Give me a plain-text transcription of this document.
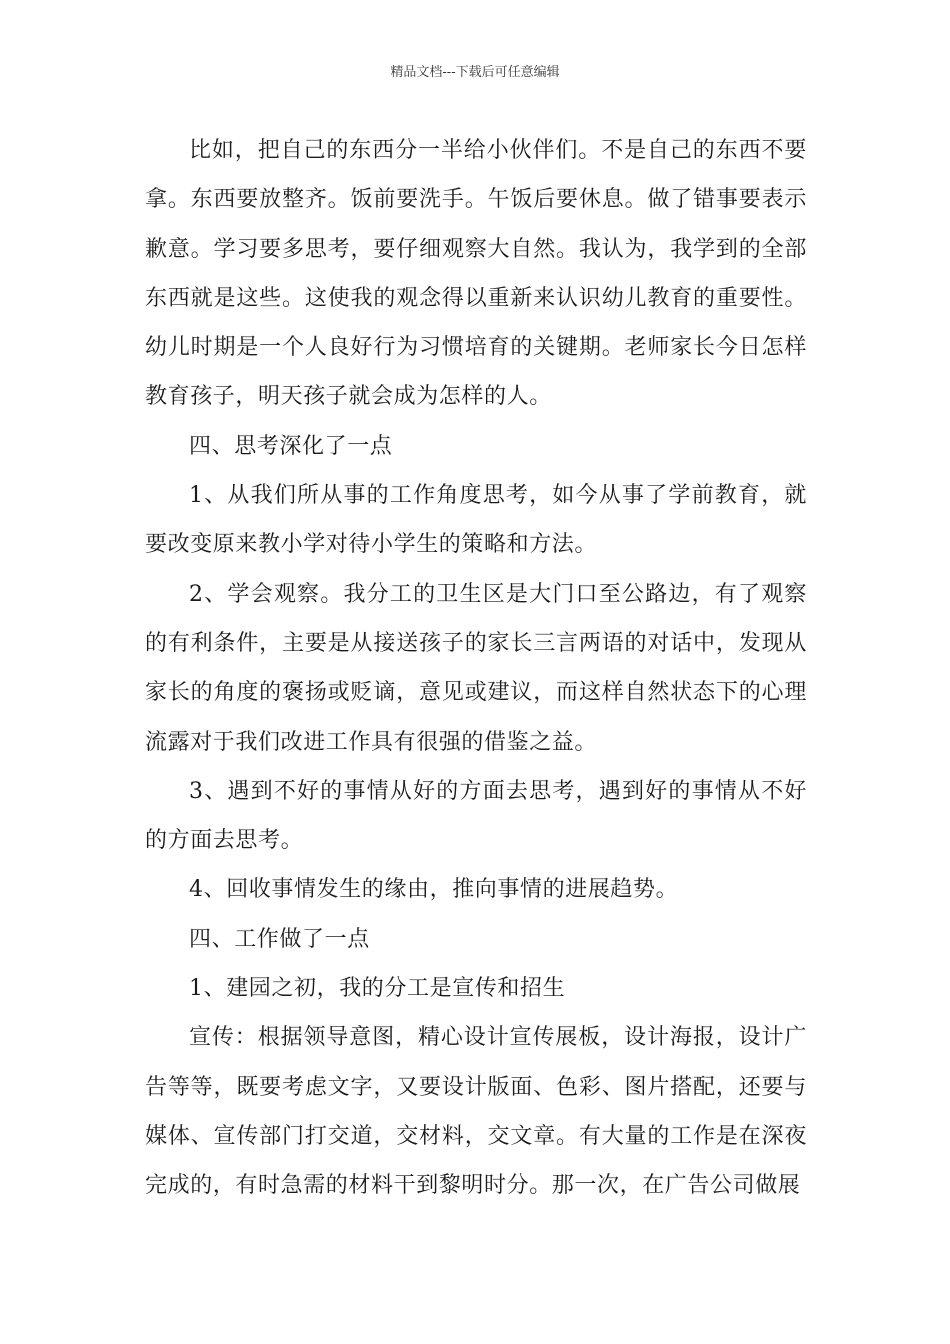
精品文档---下载后可任意编辑

比如，把自己的东西分一半给小伙伴们。不是自己的东西不要拿。东西要放整齐。饭前要洗手。午饭后要休息。做了错事要表示歉意。学习要多思考，要仔细观察大自然。我认为，我学到的全部东西就是这些。这使我的观念得以重新来认识幼儿教育的重要性。幼儿时期是一个人良好行为习惯培育的关键期。老师家长今日怎样教育孩子，明天孩子就会成为怎样的人。

四、思考深化了一点

1、从我们所从事的工作角度思考，如今从事了学前教育，就要改变原来教小学对待小学生的策略和方法。

2、学会观察。我分工的卫生区是大门口至公路边，有了观察的有利条件，主要是从接送孩子的家长三言两语的对话中，发现从家长的角度的褒扬或贬谪，意见或建议，而这样自然状态下的心理流露对于我们改进工作具有很强的借鉴之益。

3、遇到不好的事情从好的方面去思考，遇到好的事情从不好的方面去思考。

4、回收事情发生的缘由，推向事情的进展趋势。

四、工作做了一点

1、建园之初，我的分工是宣传和招生

宣传：根据领导意图，精心设计宣传展板，设计海报，设计广告等等，既要考虑文字，又要设计版面、色彩、图片搭配，还要与媒体、宣传部门打交道，交材料，交文章。有大量的工作是在深夜完成的，有时急需的材料干到黎明时分。那一次，在广告公司做展
